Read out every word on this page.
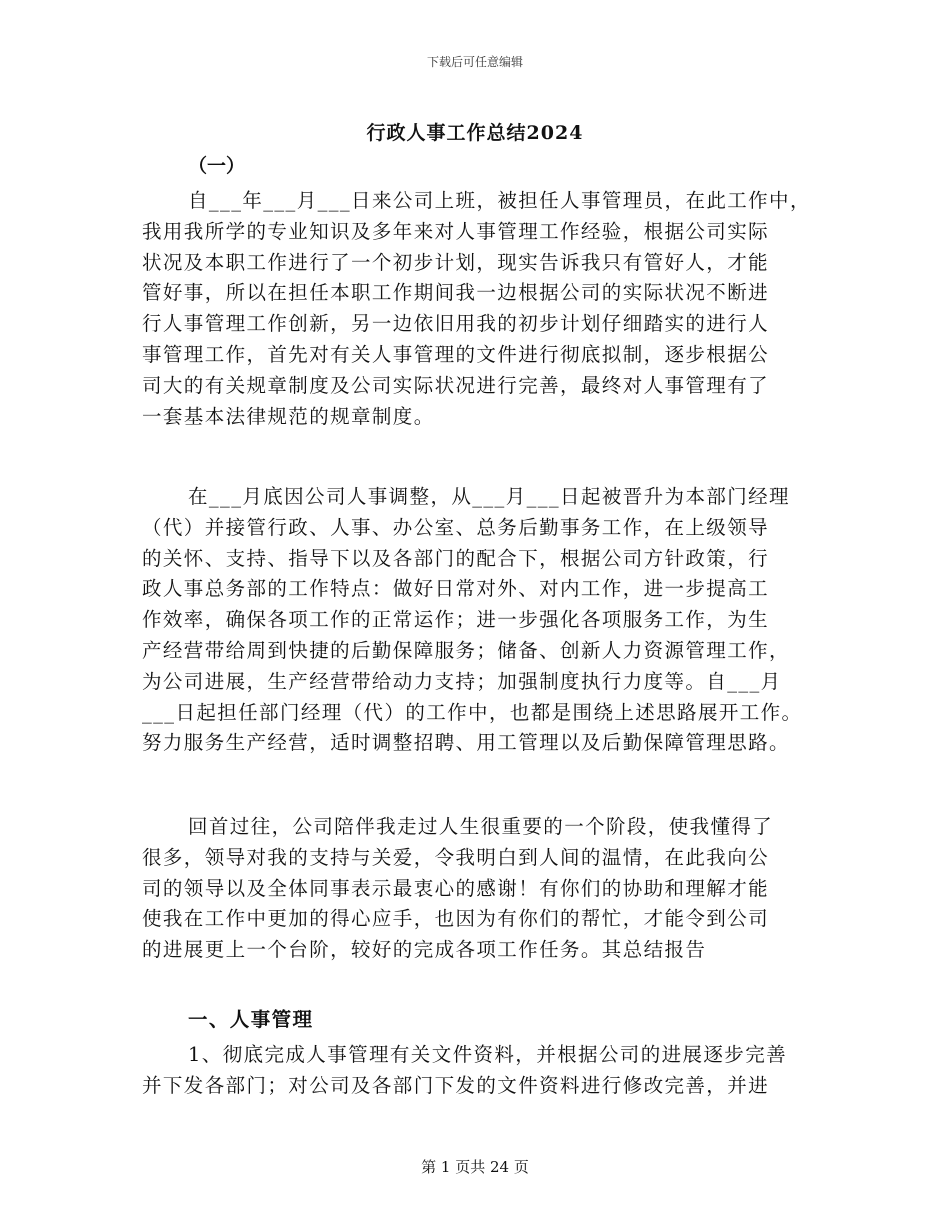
下载后可任意编辑
行政人事工作总结2024
（一）
自___年___月___日来公司上班，被担任人事管理员，在此工作中，
我用我所学的专业知识及多年来对人事管理工作经验，根据公司实际
状况及本职工作进行了一个初步计划，现实告诉我只有管好人，才能
管好事，所以在担任本职工作期间我一边根据公司的实际状况不断进
行人事管理工作创新，另一边依旧用我的初步计划仔细踏实的进行人
事管理工作，首先对有关人事管理的文件进行彻底拟制，逐步根据公
司大的有关规章制度及公司实际状况进行完善，最终对人事管理有了
一套基本法律规范的规章制度。
在___月底因公司人事调整，从___月___日起被晋升为本部门经理
（代）并接管行政、人事、办公室、总务后勤事务工作，在上级领导
的关怀、支持、指导下以及各部门的配合下，根据公司方针政策，行
政人事总务部的工作特点：做好日常对外、对内工作，进一步提高工
作效率，确保各项工作的正常运作；进一步强化各项服务工作，为生
产经营带给周到快捷的后勤保障服务；储备、创新人力资源管理工作，
为公司进展，生产经营带给动力支持；加强制度执行力度等。自___月
___日起担任部门经理（代）的工作中，也都是围绕上述思路展开工作。
努力服务生产经营，适时调整招聘、用工管理以及后勤保障管理思路。
回首过往，公司陪伴我走过人生很重要的一个阶段，使我懂得了
很多，领导对我的支持与关爱，令我明白到人间的温情，在此我向公
司的领导以及全体同事表示最衷心的感谢！有你们的协助和理解才能
使我在工作中更加的得心应手，也因为有你们的帮忙，才能令到公司
的进展更上一个台阶，较好的完成各项工作任务。其总结报告
一、人事管理
1、彻底完成人事管理有关文件资料，并根据公司的进展逐步完善
并下发各部门；对公司及各部门下发的文件资料进行修改完善，并进
第 1 页共 24 页
